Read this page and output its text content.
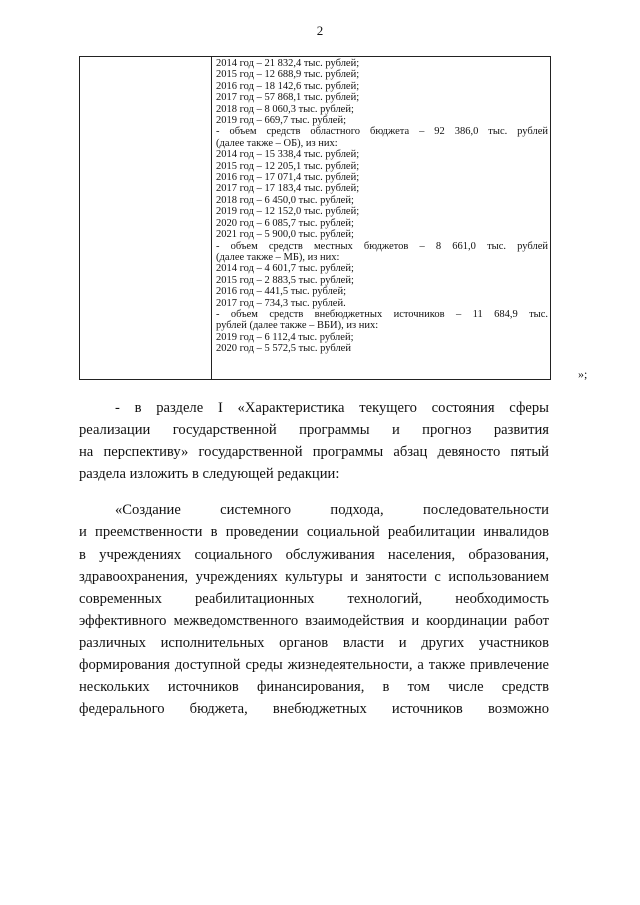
2
2014 год – 21 832,4 тыс. рублей;
2015 год – 12 688,9 тыс. рублей;
2016 год – 18 142,6 тыс. рублей;
2017 год – 57 868,1 тыс. рублей;
2018 год – 8 060,3 тыс. рублей;
2019 год – 669,7 тыс. рублей;
- объем средств областного бюджета – 92 386,0 тыс. рублей
(далее также – ОБ), из них:
2014 год – 15 338,4 тыс. рублей;
2015 год – 12 205,1 тыс. рублей;
2016 год – 17 071,4 тыс. рублей;
2017 год – 17 183,4 тыс. рублей;
2018 год – 6 450,0 тыс. рублей;
2019 год – 12 152,0 тыс. рублей;
2020 год – 6 085,7 тыс. рублей;
2021 год – 5 900,0 тыс. рублей;
- объем средств местных бюджетов – 8 661,0 тыс. рублей
(далее также – МБ), из них:
2014 год – 4 601,7 тыс. рублей;
2015 год – 2 883,5 тыс. рублей;
2016 год – 441,5 тыс. рублей;
2017 год – 734,3 тыс. рублей.
- объем средств внебюджетных источников – 11 684,9 тыс.
рублей (далее также – ВБИ), из них:
2019 год – 6 112,4 тыс. рублей;
2020 год – 5 572,5 тыс. рублей
»;
- в разделе I «Характеристика текущего состояния сферы
реализации государственной программы и прогноз развития
на перспективу» государственной программы абзац девяносто пятый
раздела изложить в следующей редакции:
«Создание системного подхода, последовательности
и преемственности в проведении социальной реабилитации инвалидов
в учреждениях социального обслуживания населения, образования,
здравоохранения, учреждениях культуры и занятости с использованием
современных реабилитационных технологий, необходимость
эффективного межведомственного взаимодействия и координации работ
различных исполнительных органов власти и других участников
формирования доступной среды жизнедеятельности, а также привлечение
нескольких источников финансирования, в том числе средств
федерального бюджета, внебюджетных источников возможно
